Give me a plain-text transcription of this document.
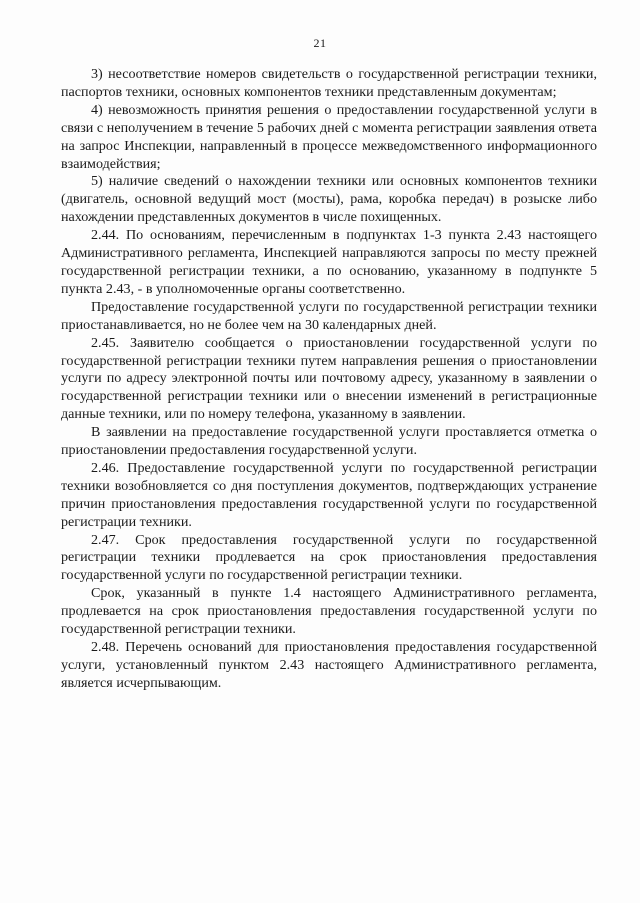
21

3) несоответствие номеров свидетельств о государственной регистрации техники, паспортов техники, основных компонентов техники представленным документам;

4) невозможность принятия решения о предоставлении государственной услуги в связи с неполучением в течение 5 рабочих дней с момента регистрации заявления ответа на запрос Инспекции, направленный в процессе межведомственного информационного взаимодействия;

5) наличие сведений о нахождении техники или основных компонентов техники (двигатель, основной ведущий мост (мосты), рама, коробка передач) в розыске либо нахождении представленных документов в числе похищенных.

2.44. По основаниям, перечисленным в подпунктах 1-3 пункта 2.43 настоящего Административного регламента, Инспекцией направляются запросы по месту прежней государственной регистрации техники, а по основанию, указанному в подпункте 5 пункта 2.43, - в уполномоченные органы соответственно.

Предоставление государственной услуги по государственной регистрации техники приостанавливается, но не более чем на 30 календарных дней.

2.45. Заявителю сообщается о приостановлении государственной услуги по государственной регистрации техники путем направления решения о приостановлении услуги по адресу электронной почты или почтовому адресу, указанному в заявлении о государственной регистрации техники или о внесении изменений в регистрационные данные техники, или по номеру телефона, указанному в заявлении.

В заявлении на предоставление государственной услуги проставляется отметка о приостановлении предоставления государственной услуги.

2.46. Предоставление государственной услуги по государственной регистрации техники возобновляется со дня поступления документов, подтверждающих устранение причин приостановления предоставления государственной услуги по государственной регистрации техники.

2.47. Срок предоставления государственной услуги по государственной регистрации техники продлевается на срок приостановления предоставления государственной услуги по государственной регистрации техники.

Срок, указанный в пункте 1.4 настоящего Административного регламента, продлевается на срок приостановления предоставления государственной услуги по государственной регистрации техники.

2.48. Перечень оснований для приостановления предоставления государственной услуги, установленный пунктом 2.43 настоящего Административного регламента, является исчерпывающим.
